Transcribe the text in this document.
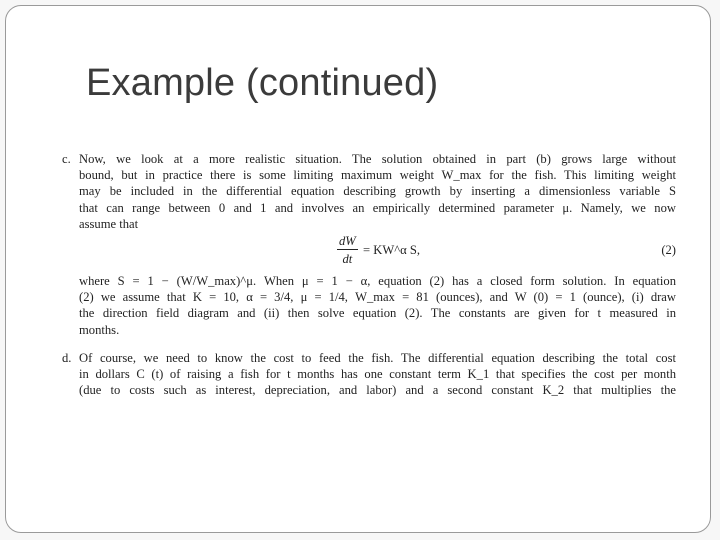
Example (continued)
c. Now, we look at a more realistic situation. The solution obtained in part (b) grows large without
bound, but in practice there is some limiting maximum weight W_max for the fish. This limiting weight
may be included in the differential equation describing growth by inserting a dimensionless variable S
that can range between 0 and 1 and involves an empirically determined parameter μ. Namely, we now
assume that
$\frac{dW}{dt}$ = KW^α S,	(2)
where S = 1 − (W/W_max)^μ. When μ = 1 − α, equation (2) has a closed form solution. In equation
(2) we assume that K = 10, α = 3/4, μ = 1/4, W_max = 81 (ounces), and W (0) = 1 (ounce), (i) draw
the direction field diagram and (ii) then solve equation (2). The constants are given for t measured in
months.
d. Of course, we need to know the cost to feed the fish. The differential equation describing the total cost
in dollars C (t) of raising a fish for t months has one constant term K_1 that specifies the cost per month
(due to costs such as interest, depreciation, and labor) and a second constant K_2 that multiplies the
